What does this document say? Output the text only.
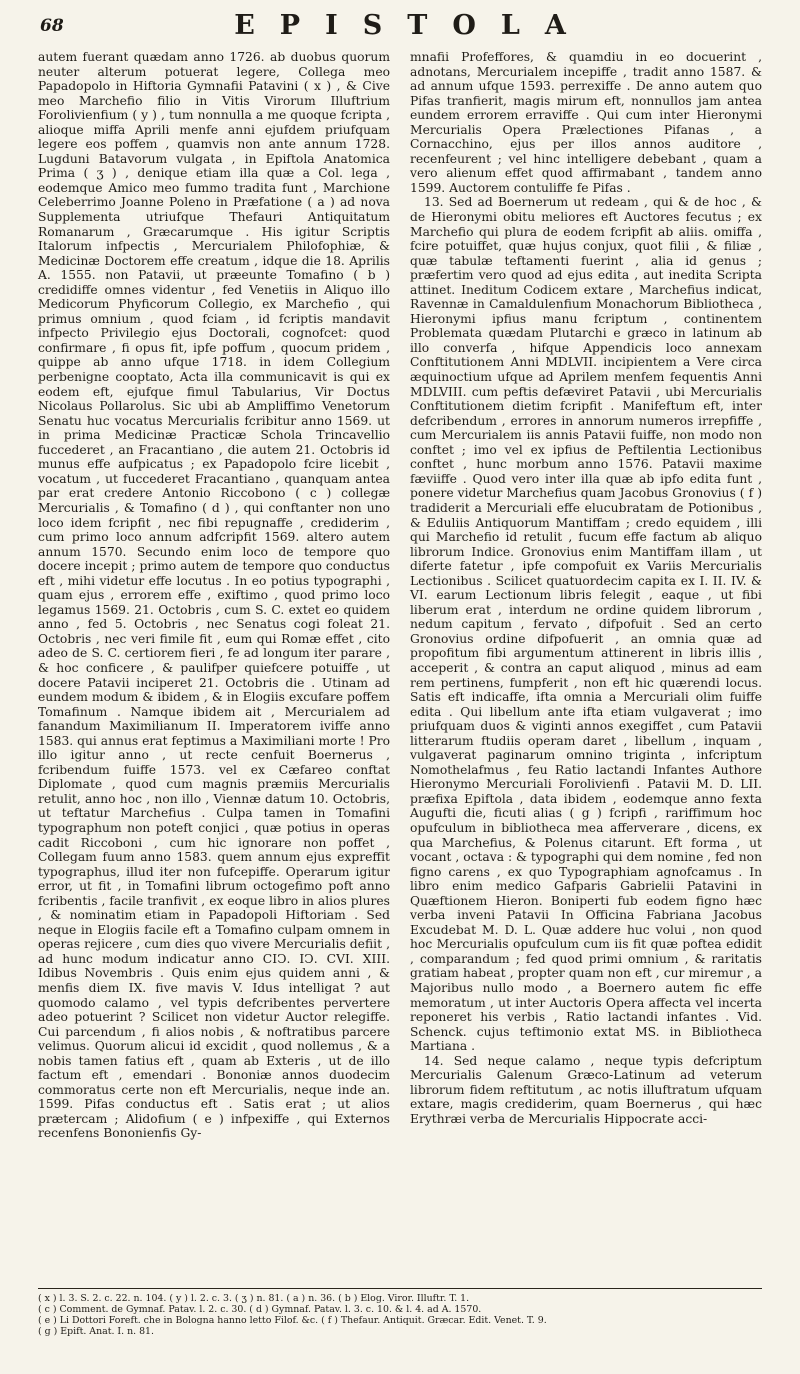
68	EPISTOLA

autem fuerant quædam anno 1726. ab duobus quorum neuter alterum potuerat legere, Collega meo Papadopolo in Hiftoria Gymnafii Patavini ( x ) , & Cive meo Marchefio filio in Vitis Virorum Illuftrium Forolivienfium ( y ) , tum nonnulla a me quoque fcripta , alioque miffa Aprili menfe anni ejufdem priufquam legere eos poffem , quamvis non ante annum 1728. Lugduni Batavorum vulgata , in Epiftola Anatomica Prima ( ʒ ) , denique etiam illa quæ a Col. lega , eodemque Amico meo fummo tradita funt , Marchione Celeberrimo Joanne Poleno in Præfatione ( a ) ad nova Supplementa utriufque Thefauri Antiquitatum Romanarum , Græcarumque . His igitur Scriptis Italorum infpectis , Mercurialem Philofophiæ, & Medicinæ Doctorem effe creatum , idque die 18. Aprilis A. 1555. non Patavii, ut præeunte Tomafino ( b ) credidiffe omnes videntur , fed Venetiis in Aliquo illo Medicorum Phyficorum Collegio, ex Marchefio , qui primus omnium , quod fciam , id fcriptis mandavit infpecto Privilegio ejus Doctorali, cognofcet: quod confirmare , fi opus fit, ipfe poffum , quocum pridem , quippe ab anno ufque 1718. in idem Collegium perbenigne cooptato, Acta illa communicavit is qui ex eodem eft, ejufque fimul Tabularius, Vir Doctus Nicolaus Pollarolus. Sic ubi ab Ampliffimo Venetorum Senatu huc vocatus Mercurialis fcribitur anno 1569. ut in prima Medicinæ Practicæ Schola Trincavellio fuccederet , an Fracantiano , die autem 21. Octobris id munus effe aufpicatus ; ex Papadopolo fcire licebit , vocatum , ut fuccederet Fracantiano , quanquam antea par erat credere Antonio Riccobono ( c ) collegæ Mercurialis , & Tomafino ( d ) , qui conftanter non uno loco idem fcripfit , nec fibi repugnaffe , crediderim , cum primo loco annum adfcripfit 1569. altero autem annum 1570. Secundo enim loco de tempore quo docere incepit ; primo autem de tempore quo conductus eft , mihi videtur effe locutus . In eo potius typographi , quam ejus , errorem effe , exiftimo , quod primo loco legamus 1569. 21. Octobris , cum S. C. extet eo quidem anno , fed 5. Octobris , nec Senatus cogi foleat 21. Octobris , nec veri fimile fit , eum qui Romæ effet , cito adeo de S. C. certiorem fieri , fe ad longum iter parare , & hoc conficere , & paulifper quiefcere potuiffe , ut docere Patavii inciperet 21. Octobris die . Utinam ad eundem modum & ibidem , & in Elogiis excufare poffem Tomafinum . Namque ibidem ait , Mercurialem ad fanandum Maximilianum II. Imperatorem iviffe anno 1583. qui annus erat feptimus a Maximiliani morte ! Pro illo igitur anno , ut recte cenfuit Boernerus , fcribendum fuiffe 1573. vel ex Cæfareo conftat Diplomate , quod cum magnis præmiis Mercurialis retulit, anno hoc , non illo , Viennæ datum 10. Octobris, ut teftatur Marchefius . Culpa tamen in Tomafini typographum non poteft conjici , quæ potius in operas cadit Riccoboni , cum hic ignorare non poffet , Collegam fuum anno 1583. quem annum ejus expreffit typographus, illud iter non fufcepiffe. Operarum igitur error, ut fit , in Tomafini librum octogefimo poft anno fcribentis , facile tranfivit , ex eoque libro in alios plures , & nominatim etiam in Papadopoli Hiftoriam . Sed neque in Elogiis facile eft a Tomafino culpam omnem in operas rejicere , cum dies quo vivere Mercurialis defiit , ad hunc modum indicatur anno CIↃ. IↃ. CVI. XIII. Idibus Novembris . Quis enim ejus quidem anni , & menfis diem IX. five mavis V. Idus intelligat ? aut quomodo calamo , vel typis defcribentes pervertere adeo potuerint ? Scilicet non videtur Auctor relegiffe. Cui parcendum , fi alios nobis , & noftratibus parcere velimus. Quorum alicui id excidit , quod nollemus , & a nobis tamen fatius eft , quam ab Exteris , ut de illo factum eft , emendari . Bononiæ annos duodecim commoratus certe non eft Mercurialis, neque inde an. 1599. Pifas conductus eft . Satis erat ; ut alios prætercam ; Alidofium ( e ) infpexiffe , qui Externos recenfens Bononienfis Gy-

mnafii Profeffores, & quamdiu in eo docuerint , adnotans, Mercurialem incepiffe , tradit anno 1587. & ad annum ufque 1593. perrexiffe . De anno autem quo Pifas tranfierit, magis mirum eft, nonnullos jam antea eundem errorem erraviffe . Qui cum inter Hieronymi Mercurialis Opera Prælectiones Pifanas , a Cornacchino, ejus per illos annos auditore , recenfeurent ; vel hinc intelligere debebant , quam a vero alienum effet quod affirmabant , tandem anno 1599. Auctorem contuliffe fe Pifas .

13. Sed ad Boernerum ut redeam , qui & de hoc , & de Hieronymi obitu meliores eft Auctores fecutus ; ex Marchefio qui plura de eodem fcripfit ab aliis. omiffa , fcire potuiffet, quæ hujus conjux, quot filii , & filiæ , quæ tabulæ teftamenti fuerint , alia id genus ; præfertim vero quod ad ejus edita , aut inedita Scripta attinet. Ineditum Codicem extare , Marchefius indicat, Ravennæ in Camaldulenfium Monachorum Bibliotheca , Hieronymi ipfius manu fcriptum , continentem Problemata quædam Plutarchi e græco in latinum ab illo converfa , hifque Appendicis loco annexam Conftitutionem Anni MDLVII. incipientem a Vere circa æquinoctium ufque ad Aprilem menfem fequentis Anni MDLVIII. cum peftis defæviret Patavii , ubi Mercurialis Conftitutionem dietim fcripfit . Manifeftum eft, inter defcribendum , errores in annorum numeros irrepfiffe , cum Mercurialem iis annis Patavii fuiffe, non modo non conftet ; imo vel ex ipfius de Peftilentia Lectionibus conftet , hunc morbum anno 1576. Patavii maxime fæviiffe . Quod vero inter illa quæ ab ipfo edita funt , ponere videtur Marchefius quam Jacobus Gronovius ( f ) tradiderit a Mercuriali effe elucubratam de Potionibus , & Eduliis Antiquorum Mantiffam ; credo equidem , illi qui Marchefio id retulit , fucum effe factum ab aliquo librorum Indice. Gronovius enim Mantiffam illam , ut diferte fatetur , ipfe compofuit ex Variis Mercurialis Lectionibus . Scilicet quatuordecim capita ex I. II. IV. & VI. earum Lectionum libris felegit , eaque , ut fibi liberum erat , interdum ne ordine quidem librorum , nedum capitum , fervato , difpofuit . Sed an certo Gronovius ordine difpofuerit , an omnia quæ ad propofitum fibi argumentum attinerent in libris illis , acceperit , & contra an caput aliquod , minus ad eam rem pertinens, fumpferit , non eft hic quærendi locus. Satis eft indicaffe, ifta omnia a Mercuriali olim fuiffe edita . Qui libellum ante ifta etiam vulgaverat ; imo priufquam duos & viginti annos exegiffet , cum Patavii litterarum ftudiis operam daret , libellum , inquam , vulgaverat paginarum omnino triginta , infcriptum Nomothelafmus , feu Ratio lactandi Infantes Authore Hieronymo Mercuriali Forolivienfi . Patavii M. D. LII. præfixa Epiftola , data ibidem , eodemque anno fexta Augufti die, ficuti alias ( g ) fcripfi , rariffimum hoc opufculum in bibliotheca mea afferverare , dicens, ex qua Marchefius, & Polenus citarunt. Eft forma , ut vocant , octava : & typographi qui dem nomine , fed non figno carens , ex quo Typographiam agnofcamus . In libro enim medico Gafparis Gabrielii Patavini in Quæftionem Hieron. Boniperti fub eodem figno hæc verba inveni Patavii In Officina Fabriana Jacobus Excudebat M. D. L. Quæ addere huc volui , non quod hoc Mercurialis opufculum cum iis fit quæ poftea edidit , comparandum ; fed quod primi omnium , & raritatis gratiam habeat , propter quam non eft , cur miremur , a Majoribus nullo modo , a Boernero autem fic effe memoratum , ut inter Auctoris Opera affecta vel incerta reponeret his verbis , Ratio lactandi infantes . Vid. Schenck. cujus teftimonio extat MS. in Bibliotheca Martiana .

14. Sed neque calamo , neque typis defcriptum Mercurialis Galenum Græco-Latinum ad veterum librorum fidem reftitutum , ac notis illuftratum ufquam extare, magis crediderim, quam Boernerus , qui hæc Erythræi verba de Mercurialis Hippocrate acci-

( x ) l. 3. S. 2. c. 22. n. 104. ( y ) l. 2. c. 3. ( ʒ ) n. 81. ( a ) n. 36. ( b ) Elog. Viror. Illuftr. T. 1.
( c ) Comment. de Gymnaf. Patav. l. 2. c. 30. ( d ) Gymnaf. Patav. l. 3. c. 10. & l. 4. ad A. 1570.
( e ) Li Dottori Foreft. che in Bologna hanno letto Filof. &c. ( f ) Thefaur. Antiquit. Græcar. Edit. Venet. T. 9.
( g ) Epift. Anat. I. n. 81.
